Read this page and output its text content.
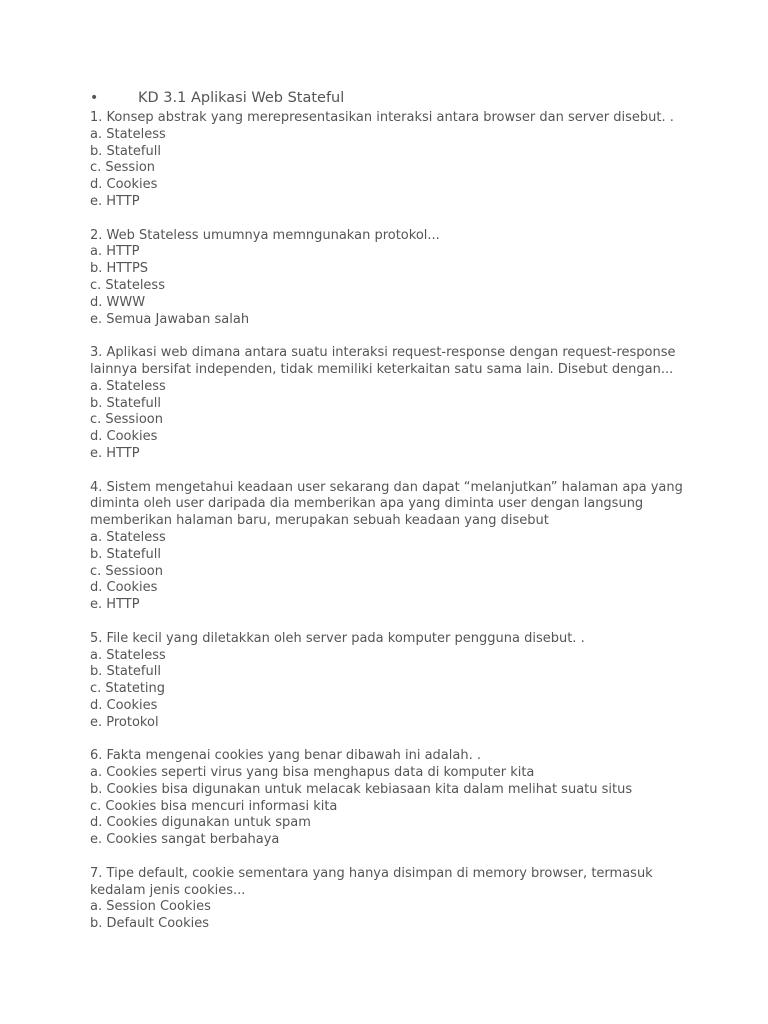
•	KD 3.1 Aplikasi Web Stateful

1. Konsep abstrak yang merepresentasikan interaksi antara browser dan server disebut. .

a. Stateless
b. Statefull
c. Session
d. Cookies
e. HTTP

2. Web Stateless umumnya memngunakan protokol...

a. HTTP
b. HTTPS
c. Stateless
d. WWW
e. Semua Jawaban salah

3. Aplikasi web dimana antara suatu interaksi request-response dengan request-response
lainnya bersifat independen, tidak memiliki keterkaitan satu sama lain. Disebut dengan...

a. Stateless
b. Statefull
c. Sessioon
d. Cookies
e. HTTP

4. Sistem mengetahui keadaan user sekarang dan dapat “melanjutkan” halaman apa yang
diminta oleh user daripada dia memberikan apa yang diminta user dengan langsung
memberikan halaman baru, merupakan sebuah keadaan yang disebut

a. Stateless
b. Statefull
c. Sessioon
d. Cookies
e. HTTP

5. File kecil yang diletakkan oleh server pada komputer pengguna disebut. .

a. Stateless
b. Statefull
c. Stateting
d. Cookies
e. Protokol

6. Fakta mengenai cookies yang benar dibawah ini adalah. .

a. Cookies seperti virus yang bisa menghapus data di komputer kita
b. Cookies bisa digunakan untuk melacak kebiasaan kita dalam melihat suatu situs
c. Cookies bisa mencuri informasi kita
d. Cookies digunakan untuk spam
e. Cookies sangat berbahaya

7. Tipe default, cookie sementara yang hanya disimpan di memory browser, termasuk
kedalam jenis cookies...

a. Session Cookies
b. Default Cookies
